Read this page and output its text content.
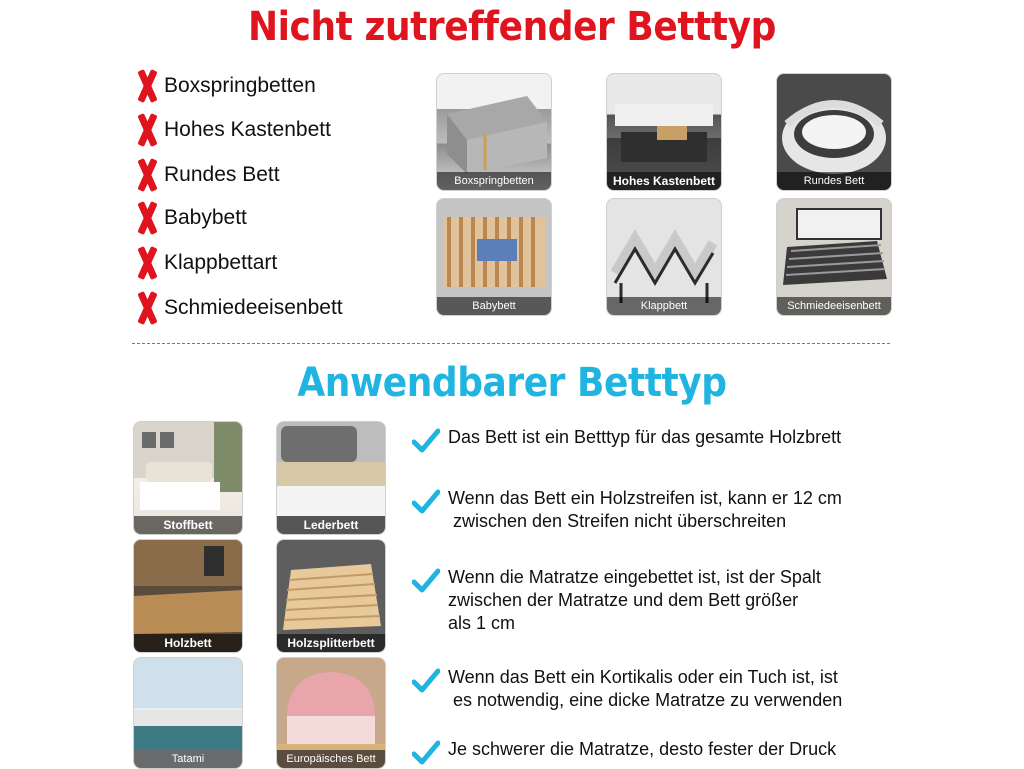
Nicht zutreffender Betttyp
Boxspringbetten
Hohes Kastenbett
Rundes Bett
Babybett
Klappbettart
Schmiedeeisenbett
Boxspringbetten	Hohes Kastenbett	Rundes Bett
Babybett	Klappbett	Schmiedeeisenbett
Anwendbarer Betttyp
Stoffbett	Lederbett
Holzbett	Holzsplitterbett
Tatami	Europäisches Bett
Das Bett ist ein Betttyp für das gesamte Holzbrett
Wenn das Bett ein Holzstreifen ist, kann er 12 cm
zwischen den Streifen nicht überschreiten
Wenn die Matratze eingebettet ist, ist der Spalt
zwischen der Matratze und dem Bett größer
als 1 cm
Wenn das Bett ein Kortikalis oder ein Tuch ist, ist
es notwendig, eine dicke Matratze zu verwenden
Je schwerer die Matratze, desto fester der Druck
